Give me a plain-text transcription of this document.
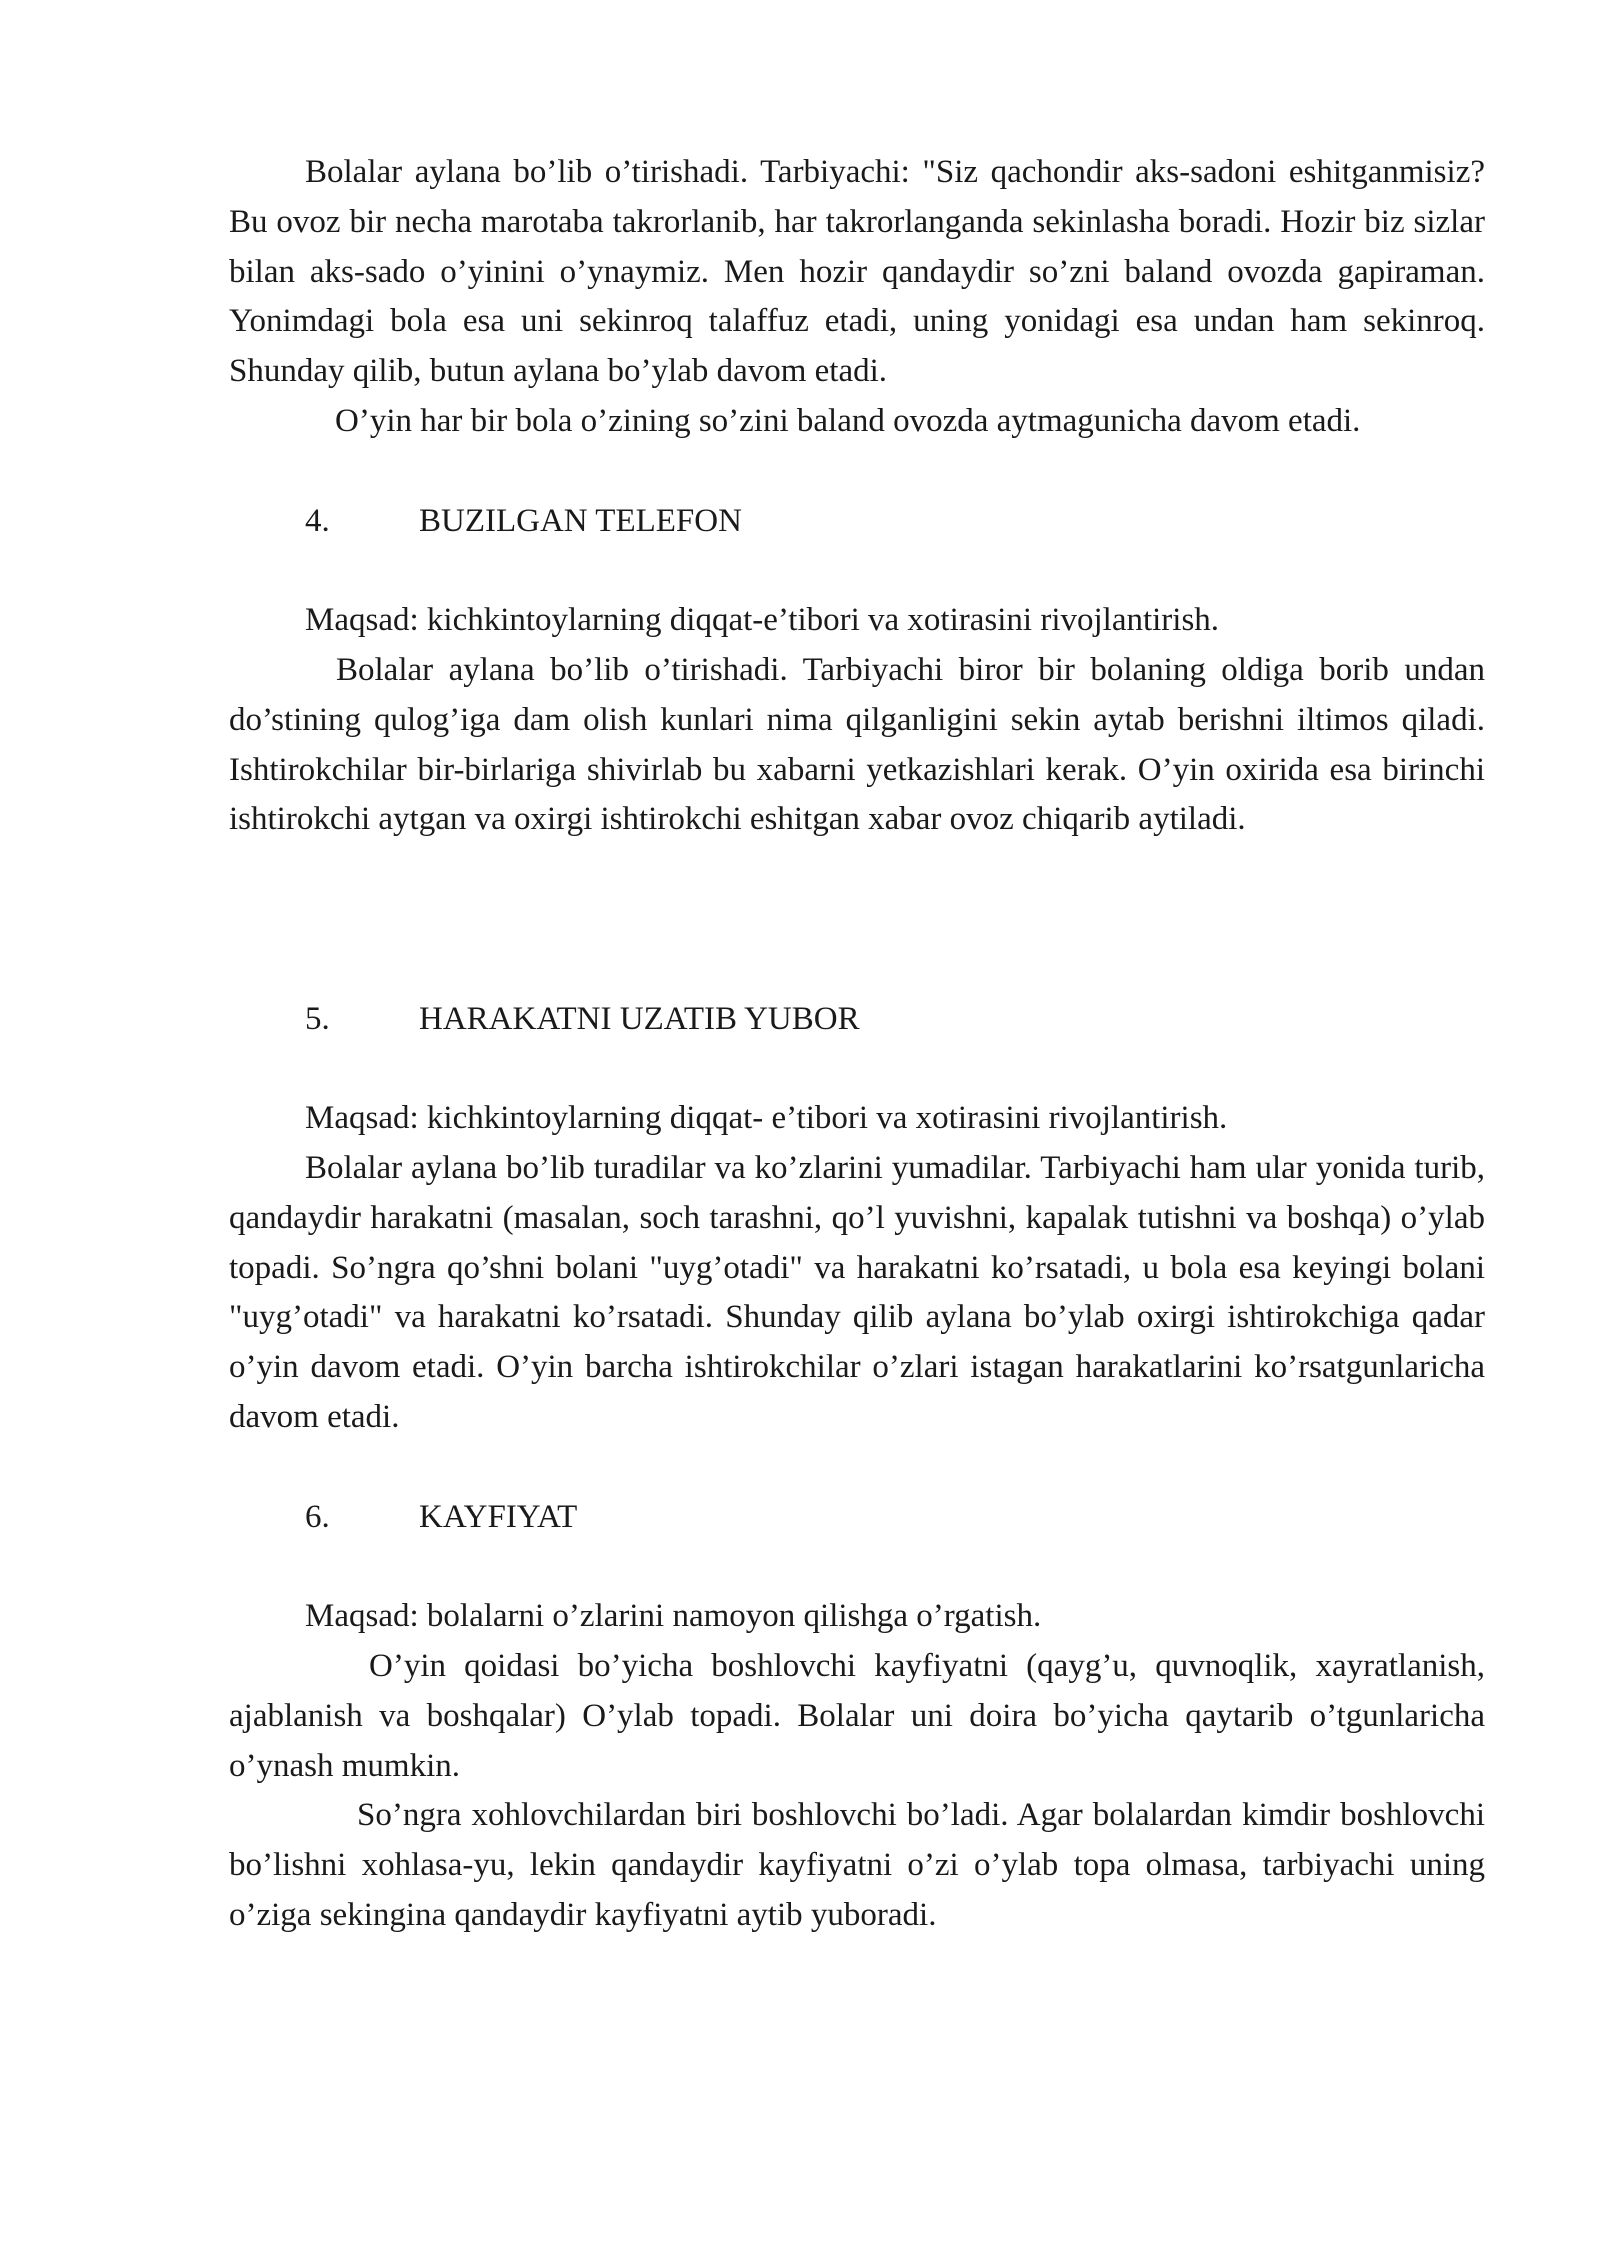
Bolalar aylana bo’lib o’tirishadi. Tarbiyachi: "Siz qachondir aks-sadoni eshitganmisiz? Bu ovoz bir necha marotaba takrorlanib, har takrorlanganda sekinlasha boradi. Hozir biz sizlar bilan aks-sado o’yinini o’ynaymiz. Men hozir qandaydir so’zni baland ovozda gapiraman. Yonimdagi bola esa uni sekinroq talaffuz etadi, uning yonidagi esa undan ham sekinroq. Shunday qilib, butun aylana bo’ylab davom etadi.

O’yin har bir bola o’zining so’zini baland ovozda aytmagunicha davom etadi.

4.	BUZILGAN TELEFON

Maqsad: kichkintoylarning diqqat-e’tibori va xotirasini rivojlantirish.

Bolalar aylana bo’lib o’tirishadi. Tarbiyachi biror bir bolaning oldiga borib undan do’stining qulog’iga dam olish kunlari nima qilganligini sekin aytab berishni iltimos qiladi. Ishtirokchilar bir-birlariga shivirlab bu xabarni yetkazishlari kerak. O’yin oxirida esa birinchi ishtirokchi aytgan va oxirgi ishtirokchi eshitgan xabar ovoz chiqarib aytiladi.

5.	HARAKATNI UZATIB YUBOR

Maqsad: kichkintoylarning diqqat- e’tibori va xotirasini rivojlantirish.

Bolalar aylana bo’lib turadilar va ko’zlarini yumadilar. Tarbiyachi ham ular yonida turib, qandaydir harakatni (masalan, soch tarashni, qo’l yuvishni, kapalak tutishni va boshqa) o’ylab topadi. So’ngra qo’shni bolani "uyg’otadi" va harakatni ko’rsatadi, u bola esa keyingi bolani "uyg’otadi" va harakatni ko’rsatadi. Shunday qilib aylana bo’ylab oxirgi ishtirokchiga qadar o’yin davom etadi. O’yin barcha ishtirokchilar o’zlari istagan harakatlarini ko’rsatgunlaricha davom etadi.

6.	KAYFIYAT

Maqsad: bolalarni o’zlarini namoyon qilishga o’rgatish.

O’yin qoidasi bo’yicha boshlovchi kayfiyatni (qayg’u, quvnoqlik, xayratlanish, ajablanish va boshqalar) O’ylab topadi. Bolalar uni doira bo’yicha qaytarib o’tgunlaricha o’ynash mumkin.

So’ngra xohlovchilardan biri boshlovchi bo’ladi. Agar bolalardan kimdir boshlovchi bo’lishni xohlasa-yu, lekin qandaydir kayfiyatni o’zi o’ylab topa olmasa, tarbiyachi uning o’ziga sekingina qandaydir kayfiyatni aytib yuboradi.
